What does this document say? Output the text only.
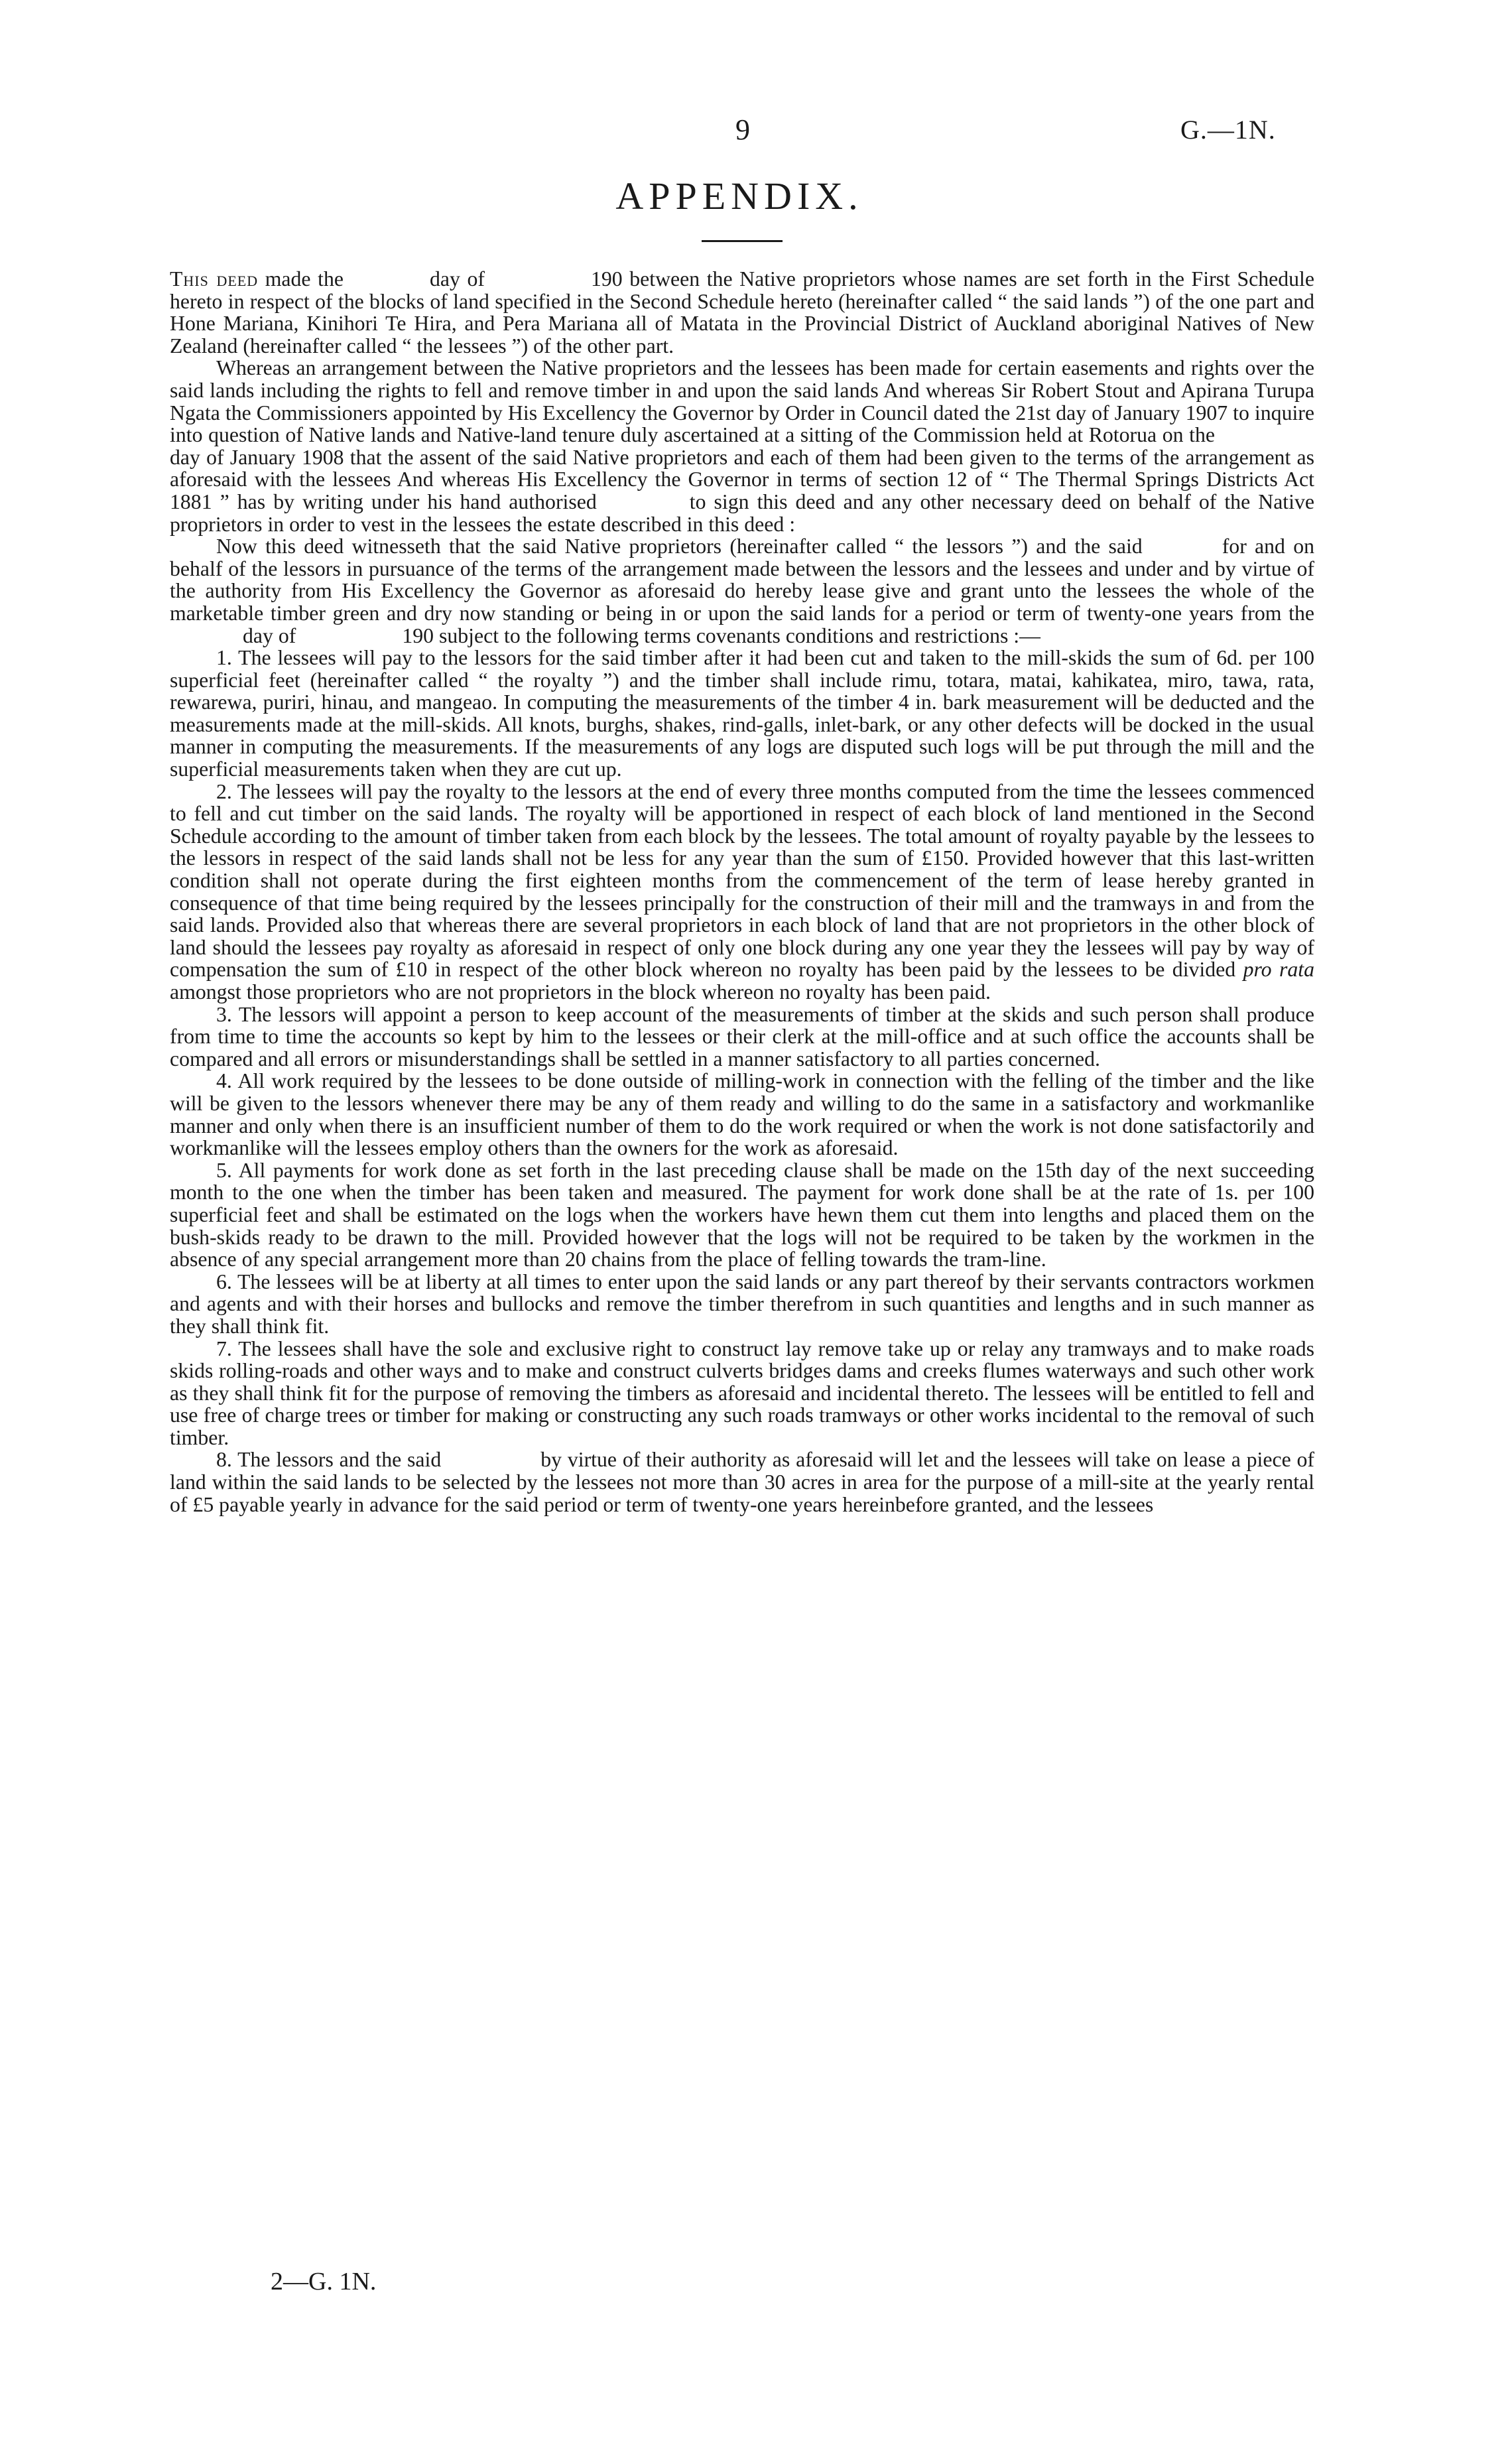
9	G.—1N.
APPENDIX.

This deed made the	day of	190 between the Native proprietors whose names are set forth in the First Schedule hereto in respect of the blocks of land specified in the Second Schedule hereto (hereinafter called “ the said lands ”) of the one part and Hone Mariana, Kinihori Te Hira, and Pera Mariana all of Matata in the Provincial District of Auckland aboriginal Natives of New Zealand (hereinafter called “ the lessees ”) of the other part.

Whereas an arrangement between the Native proprietors and the lessees has been made for certain easements and rights over the said lands including the rights to fell and remove timber in and upon the said lands And whereas Sir Robert Stout and Apirana Turupa Ngata the Commissioners appointed by His Excellency the Governor by Order in Council dated the 21st day of January 1907 to inquire into question of Native lands and Native-land tenure duly ascertained at a sitting of the Commission held at Rotorua on theday of January 1908 that the assent of the said Native proprietors and each of them had been given to the terms of the arrangement as aforesaid with the lessees And whereas His Excellency the Governor in terms of section 12 of “ The Thermal Springs Districts Act 1881 ” has by writing under his hand authorised	to sign this deed and any other necessary deed on behalf of the Native proprietors in order to vest in the lessees the estate described in this deed :

Now this deed witnesseth that the said Native proprietors (hereinafter called “ the lessors ”) and the said	for and on behalf of the lessors in pursuance of the terms of the arrangement made between the lessors and the lessees and under and by virtue of the authority from His Excellency the Governor as aforesaid do hereby lease give and grant unto the lessees the whole of the marketable timber green and dry now standing or being in or upon the said lands for a period or term of twenty-one years from theday of	190 subject to the following terms covenants conditions and restrictions :—

1. The lessees will pay to the lessors for the said timber after it had been cut and taken to the mill-skids the sum of 6d. per 100 superficial feet (hereinafter called “ the royalty ”) and the timber shall include rimu, totara, matai, kahikatea, miro, tawa, rata, rewarewa, puriri, hinau, and mangeao. In computing the measurements of the timber 4 in. bark measurement will be deducted and the measurements made at the mill-skids. All knots, burghs, shakes, rind-galls, inlet-bark, or any other defects will be docked in the usual manner in computing the measurements. If the measurements of any logs are disputed such logs will be put through the mill and the superficial measurements taken when they are cut up.

2. The lessees will pay the royalty to the lessors at the end of every three months computed from the time the lessees commenced to fell and cut timber on the said lands. The royalty will be apportioned in respect of each block of land mentioned in the Second Schedule according to the amount of timber taken from each block by the lessees. The total amount of royalty payable by the lessees to the lessors in respect of the said lands shall not be less for any year than the sum of £150. Provided however that this last-written condition shall not operate during the first eighteen months from the commencement of the term of lease hereby granted in consequence of that time being required by the lessees principally for the construction of their mill and the tramways in and from the said lands. Provided also that whereas there are several proprietors in each block of land that are not proprietors in the other block of land should the lessees pay royalty as aforesaid in respect of only one block during any one year they the lessees will pay by way of compensation the sum of £10 in respect of the other block whereon no royalty has been paid by the lessees to be divided pro rata amongst those proprietors who are not proprietors in the block whereon no royalty has been paid.

3. The lessors will appoint a person to keep account of the measurements of timber at the skids and such person shall produce from time to time the accounts so kept by him to the lessees or their clerk at the mill-office and at such office the accounts shall be compared and all errors or misunderstandings shall be settled in a manner satisfactory to all parties concerned.

4. All work required by the lessees to be done outside of milling-work in connection with the felling of the timber and the like will be given to the lessors whenever there may be any of them ready and willing to do the same in a satisfactory and workmanlike manner and only when there is an insufficient number of them to do the work required or when the work is not done satisfactorily and workmanlike will the lessees employ others than the owners for the work as aforesaid.

5. All payments for work done as set forth in the last preceding clause shall be made on the 15th day of the next succeeding month to the one when the timber has been taken and measured. The payment for work done shall be at the rate of 1s. per 100 superficial feet and shall be estimated on the logs when the workers have hewn them cut them into lengths and placed them on the bush-skids ready to be drawn to the mill. Provided however that the logs will not be required to be taken by the workmen in the absence of any special arrangement more than 20 chains from the place of felling towards the tram-line.

6. The lessees will be at liberty at all times to enter upon the said lands or any part thereof by their servants contractors workmen and agents and with their horses and bullocks and remove the timber therefrom in such quantities and lengths and in such manner as they shall think fit.

7. The lessees shall have the sole and exclusive right to construct lay remove take up or relay any tramways and to make roads skids rolling-roads and other ways and to make and construct culverts bridges dams and creeks flumes waterways and such other work as they shall think fit for the purpose of removing the timbers as aforesaid and incidental thereto. The lessees will be entitled to fell and use free of charge trees or timber for making or constructing any such roads tramways or other works incidental to the removal of such timber.

8. The lessors and the said	by virtue of their authority as aforesaid will let and the lessees will take on lease a piece of land within the said lands to be selected by the lessees not more than 30 acres in area for the purpose of a mill-site at the yearly rental of £5 payable yearly in advance for the said period or term of twenty-one years hereinbefore granted, and the lessees

2—G. 1N.
